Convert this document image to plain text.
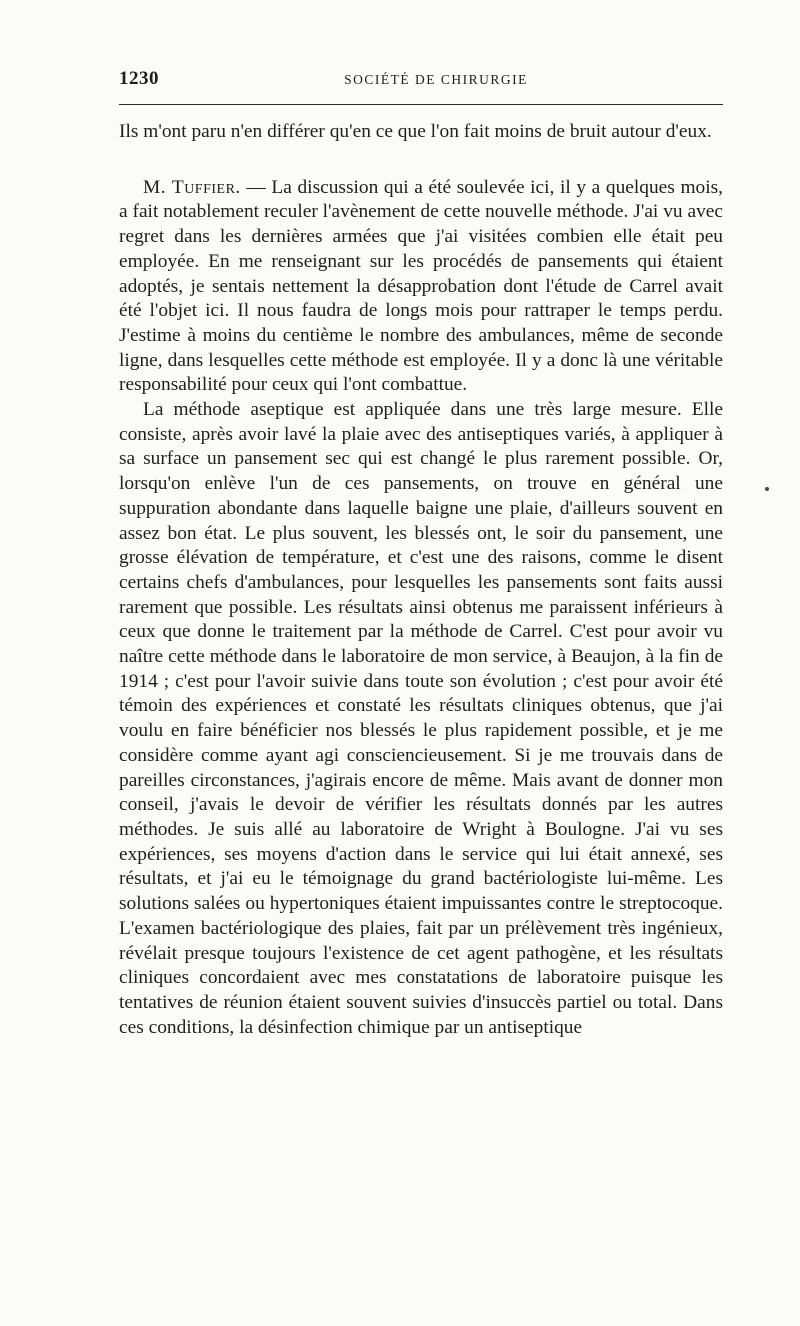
1230	SOCIÉTÉ DE CHIRURGIE

Ils m'ont paru n'en différer qu'en ce que l'on fait moins de bruit autour d'eux.

M. Tuffier. — La discussion qui a été soulevée ici, il y a quelques mois, a fait notablement reculer l'avènement de cette nouvelle méthode. J'ai vu avec regret dans les dernières armées que j'ai visitées combien elle était peu employée. En me renseignant sur les procédés de pansements qui étaient adoptés, je sentais nettement la désapprobation dont l'étude de Carrel avait été l'objet ici. Il nous faudra de longs mois pour rattraper le temps perdu. J'estime à moins du centième le nombre des ambulances, même de seconde ligne, dans lesquelles cette méthode est employée. Il y a donc là une véritable responsabilité pour ceux qui l'ont combattue.

La méthode aseptique est appliquée dans une très large mesure. Elle consiste, après avoir lavé la plaie avec des antiseptiques variés, à appliquer à sa surface un pansement sec qui est changé le plus rarement possible. Or, lorsqu'on enlève l'un de ces pansements, on trouve en général une suppuration abondante dans laquelle baigne une plaie, d'ailleurs souvent en assez bon état. Le plus souvent, les blessés ont, le soir du pansement, une grosse élévation de température, et c'est une des raisons, comme le disent certains chefs d'ambulances, pour lesquelles les pansements sont faits aussi rarement que possible. Les résultats ainsi obtenus me paraissent inférieurs à ceux que donne le traitement par la méthode de Carrel. C'est pour avoir vu naître cette méthode dans le laboratoire de mon service, à Beaujon, à la fin de 1914 ; c'est pour l'avoir suivie dans toute son évolution ; c'est pour avoir été témoin des expériences et constaté les résultats cliniques obtenus, que j'ai voulu en faire bénéficier nos blessés le plus rapidement possible, et je me considère comme ayant agi consciencieusement. Si je me trouvais dans de pareilles circonstances, j'agirais encore de même. Mais avant de donner mon conseil, j'avais le devoir de vérifier les résultats donnés par les autres méthodes. Je suis allé au laboratoire de Wright à Boulogne. J'ai vu ses expériences, ses moyens d'action dans le service qui lui était annexé, ses résultats, et j'ai eu le témoignage du grand bactériologiste lui-même. Les solutions salées ou hypertoniques étaient impuissantes contre le streptocoque. L'examen bactériologique des plaies, fait par un prélèvement très ingénieux, révélait presque toujours l'existence de cet agent pathogène, et les résultats cliniques concordaient avec mes constatations de laboratoire puisque les tentatives de réunion étaient souvent suivies d'insuccès partiel ou total. Dans ces conditions, la désinfection chimique par un antiseptique
